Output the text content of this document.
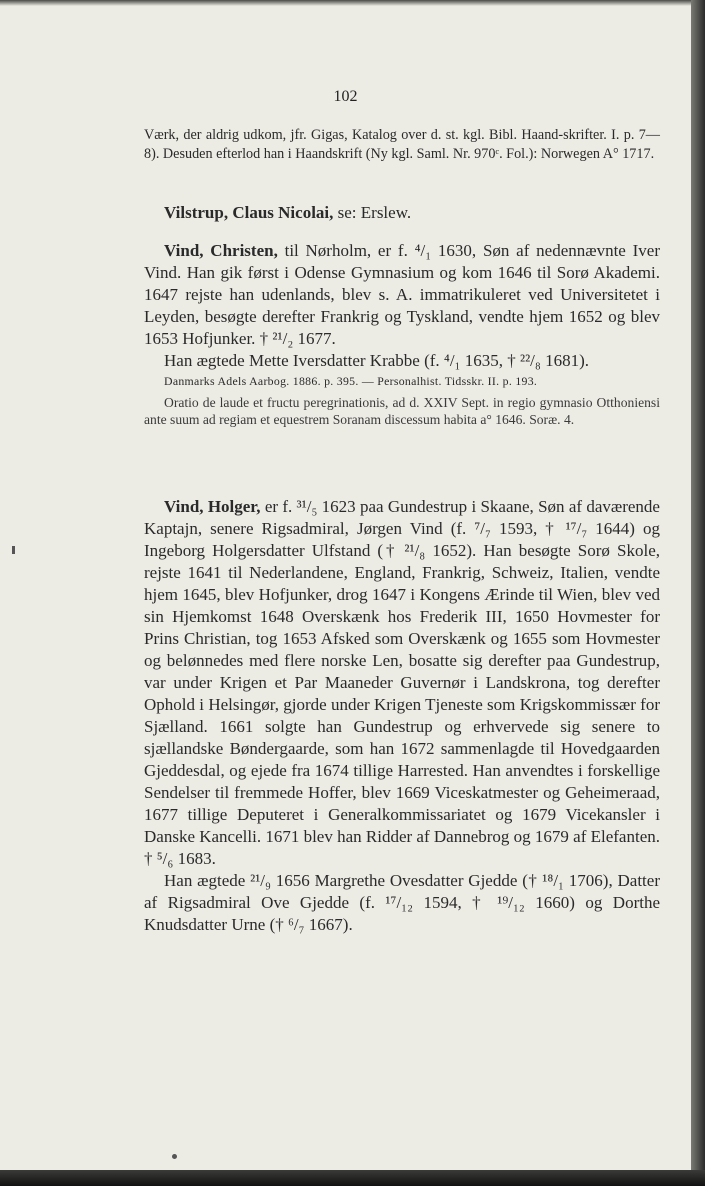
102

Værk, der aldrig udkom, jfr. Gigas, Katalog over d. st. kgl. Bibl. Haand-skrifter. I. p. 7—8). Desuden efterlod han i Haandskrift (Ny kgl. Saml. Nr. 970ᶜ. Fol.): Norwegen A° 1717.

Vilstrup, Claus Nicolai, se: Erslew.

Vind, Christen, til Nørholm, er f. ⁴/₁ 1630, Søn af nedennævnte Iver Vind. Han gik først i Odense Gymnasium og kom 1646 til Sorø Akademi. 1647 rejste han udenlands, blev s. A. immatrikuleret ved Universitetet i Leyden, besøgte derefter Frankrig og Tyskland, vendte hjem 1652 og blev 1653 Hofjunker. † ²¹/₂ 1677.

Han ægtede Mette Iversdatter Krabbe (f. ⁴/₁ 1635, † ²²/₈ 1681).

Danmarks Adels Aarbog. 1886. p. 395. — Personalhist. Tidsskr. II. p. 193.

Oratio de laude et fructu peregrinationis, ad d. XXIV Sept. in regio gymnasio Otthoniensi ante suum ad regiam et equestrem Soranam discessum habita a° 1646. Soræ. 4.

Vind, Holger, er f. ³¹/₅ 1623 paa Gundestrup i Skaane, Søn af daværende Kaptajn, senere Rigsadmiral, Jørgen Vind (f. ⁷/₇ 1593, † ¹⁷/₇ 1644) og Ingeborg Holgersdatter Ulfstand († ²¹/₈ 1652). Han besøgte Sorø Skole, rejste 1641 til Nederlandene, England, Frankrig, Schweiz, Italien, vendte hjem 1645, blev Hofjunker, drog 1647 i Kongens Ærinde til Wien, blev ved sin Hjemkomst 1648 Overskænk hos Frederik III, 1650 Hovmester for Prins Christian, tog 1653 Afsked som Overskænk og 1655 som Hovmester og belønnedes med flere norske Len, bosatte sig derefter paa Gundestrup, var under Krigen et Par Maaneder Guvernør i Landskrona, tog derefter Ophold i Helsingør, gjorde under Krigen Tjeneste som Krigskommissær for Sjælland. 1661 solgte han Gundestrup og erhvervede sig senere to sjællandske Bøndergaarde, som han 1672 sammenlagde til Hovedgaarden Gjeddesdal, og ejede fra 1674 tillige Harrested. Han anvendtes i forskellige Sendelser til fremmede Hoffer, blev 1669 Viceskatmester og Geheimeraad, 1677 tillige Deputeret i Generalkommissariatet og 1679 Vicekansler i Danske Kancelli. 1671 blev han Ridder af Dannebrog og 1679 af Elefanten. † ⁵/₆ 1683.

Han ægtede ²¹/₉ 1656 Margrethe Ovesdatter Gjedde († ¹⁸/₁ 1706), Datter af Rigsadmiral Ove Gjedde (f. ¹⁷/₁₂ 1594, † ¹⁹/₁₂ 1660) og Dorthe Knudsdatter Urne († ⁶/₇ 1667).
